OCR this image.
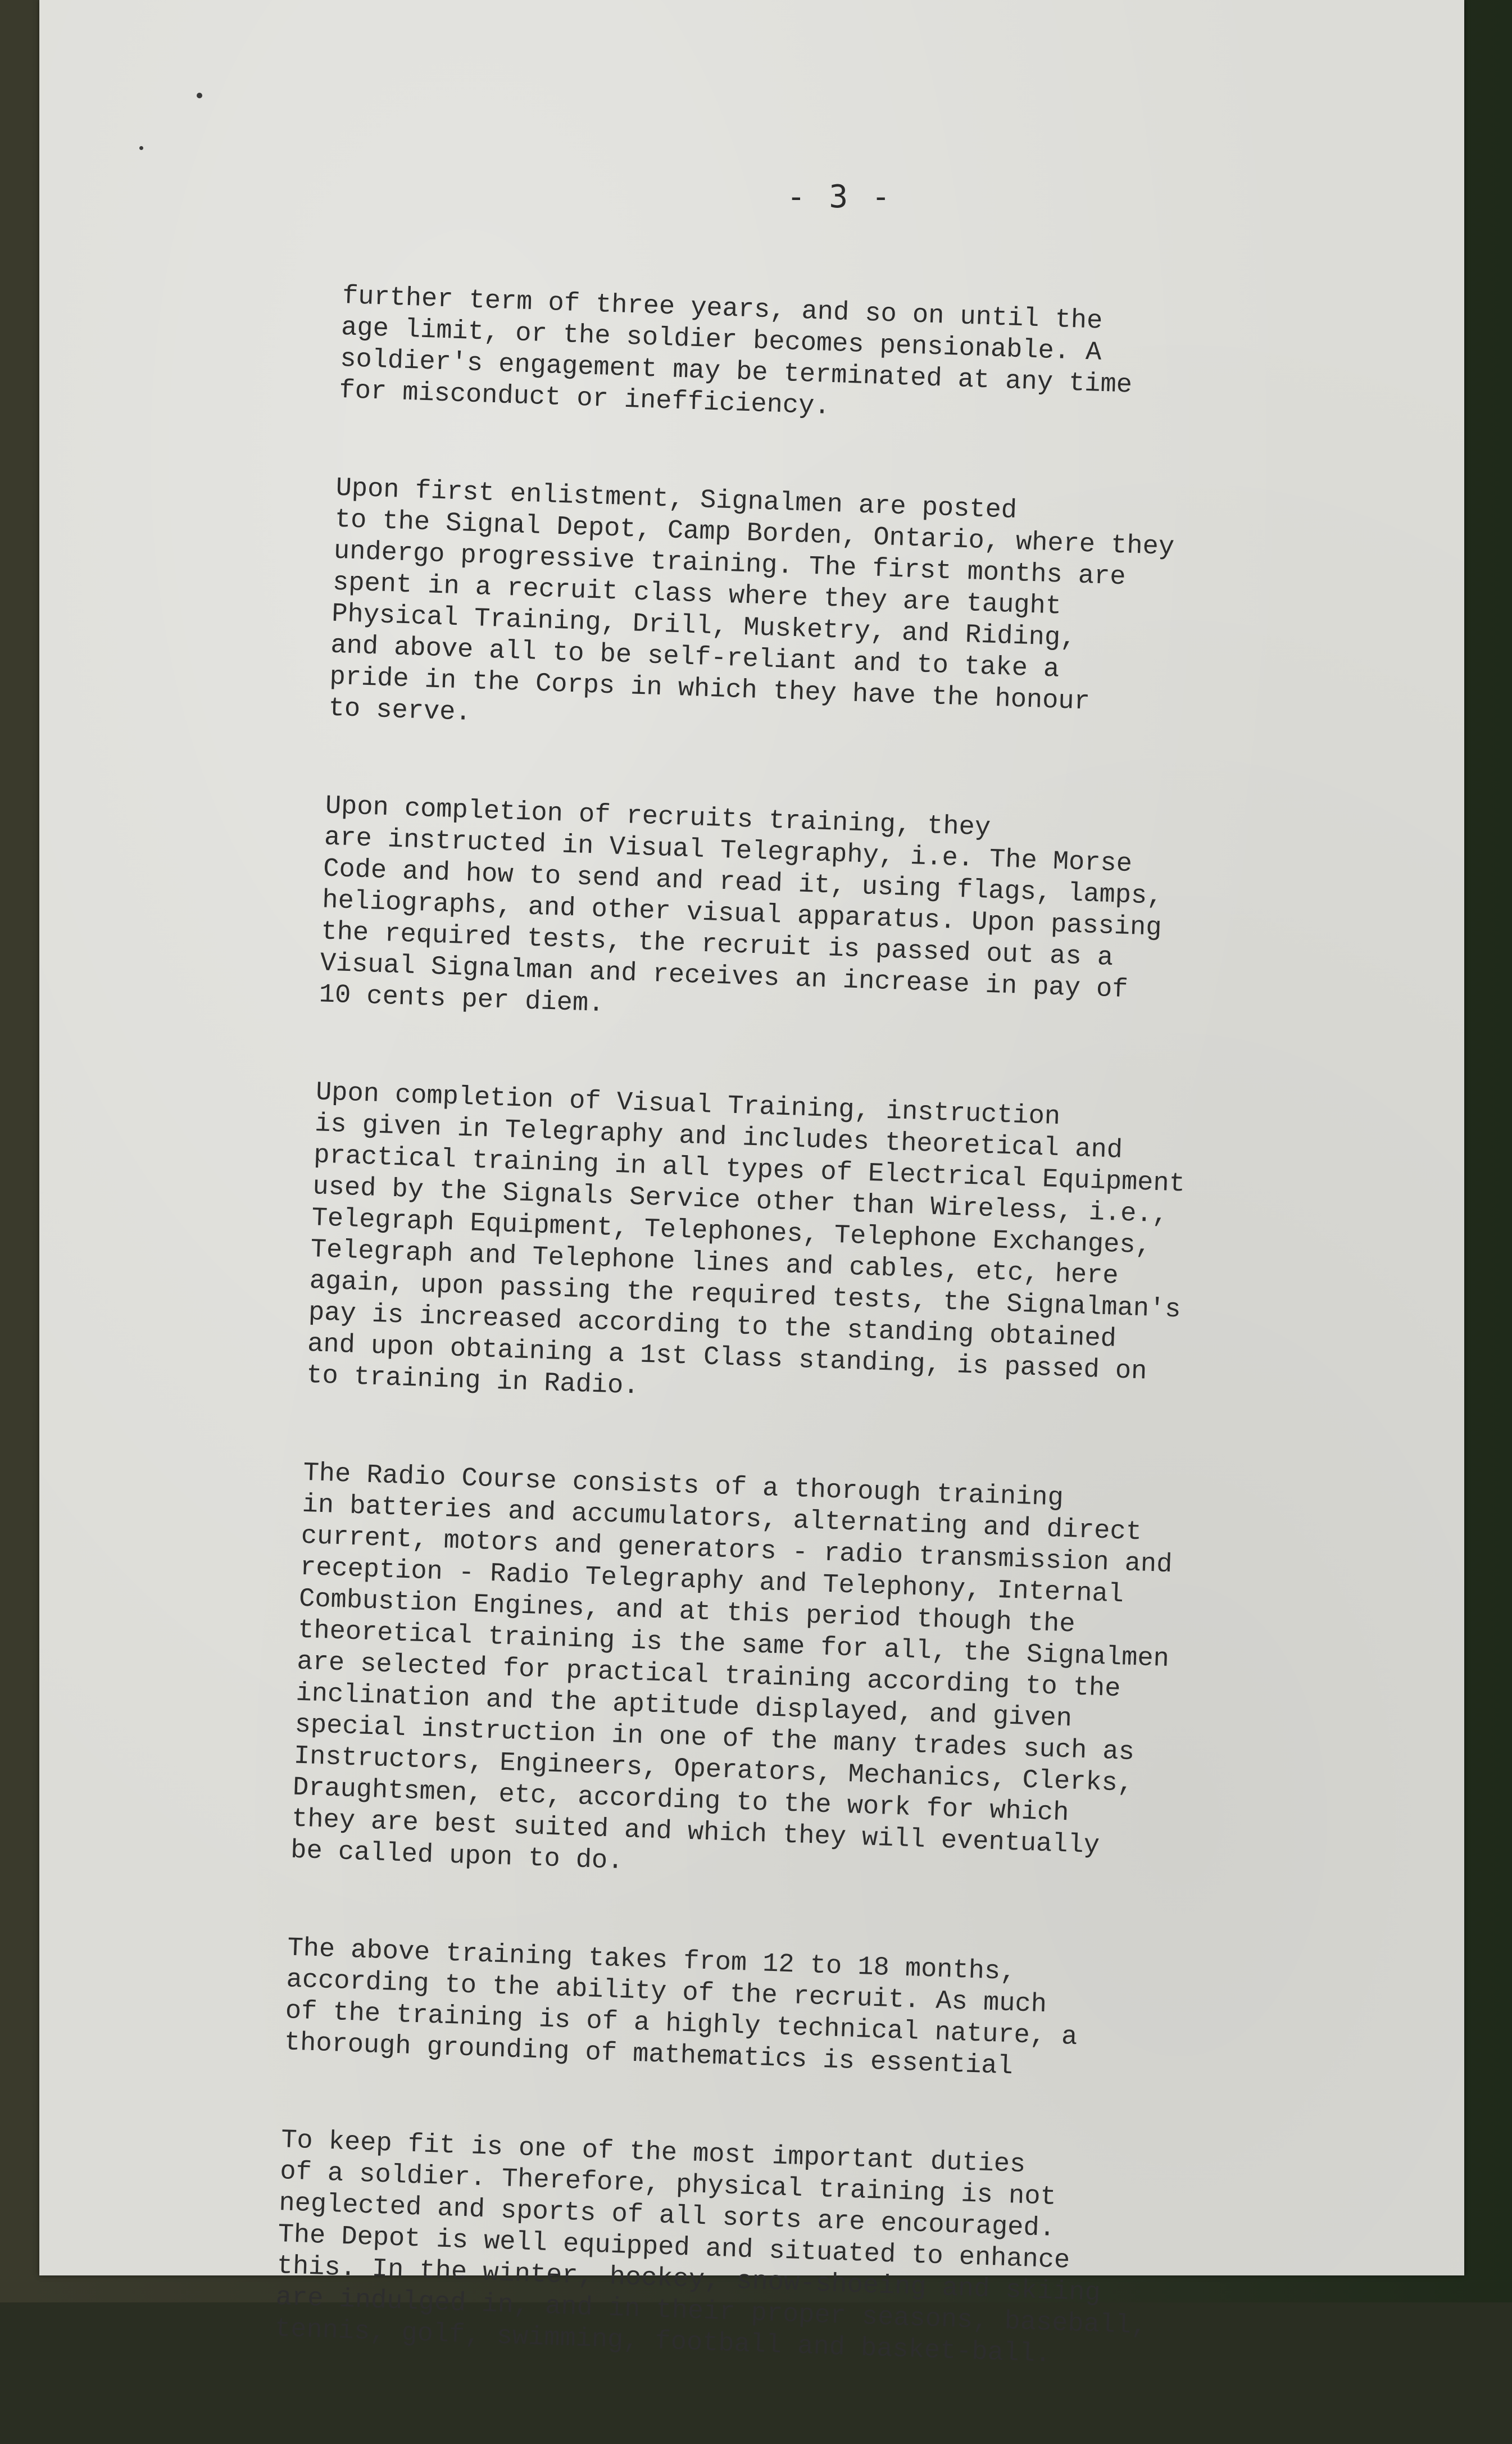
- 3 -

further term of three years, and so on until the
age limit, or the soldier becomes pensionable. A
soldier's engagement may be terminated at any time
for misconduct or inefficiency.

Upon first enlistment, Signalmen are posted
to the Signal Depot, Camp Borden, Ontario, where they
undergo progressive training. The first months are
spent in a recruit class where they are taught
Physical Training, Drill, Musketry, and Riding,
and above all to be self-reliant and to take a
pride in the Corps in which they have the honour
to serve.

Upon completion of recruits training, they
are instructed in Visual Telegraphy, i.e. The Morse
Code and how to send and read it, using flags, lamps,
heliographs, and other visual apparatus. Upon passing
the required tests, the recruit is passed out as a
Visual Signalman and receives an increase in pay of
10 cents per diem.

Upon completion of Visual Training, instruction
is given in Telegraphy and includes theoretical and
practical training in all types of Electrical Equipment
used by the Signals Service other than Wireless, i.e.,
Telegraph Equipment, Telephones, Telephone Exchanges,
Telegraph and Telephone lines and cables, etc, here
again, upon passing the required tests, the Signalman's
pay is increased according to the standing obtained
and upon obtaining a 1st Class standing, is passed on
to training in Radio.

The Radio Course consists of a thorough training
in batteries and accumulators, alternating and direct
current, motors and generators - radio transmission and
reception - Radio Telegraphy and Telephony, Internal
Combustion Engines, and at this period though the
theoretical training is the same for all, the Signalmen
are selected for practical training according to the
inclination and the aptitude displayed, and given
special instruction in one of the many trades such as
Instructors, Engineers, Operators, Mechanics, Clerks,
Draughtsmen, etc, according to the work for which
they are best suited and which they will eventually
be called upon to do.

The above training takes from 12 to 18 months,
according to the ability of the recruit. As much
of the training is of a highly technical nature, a
thorough grounding of mathematics is essential

To keep fit is one of the most important duties
of a soldier. Therefore, physical training is not
neglected and sports of all sorts are encouraged.
The Depot is well equipped and situated to enhance
this. In the winter, hockey, snow-shoeing and skiing
are indulged in, and in their proper seasons, baseball,
tennis, golf, swimming, football and basket-ball.
